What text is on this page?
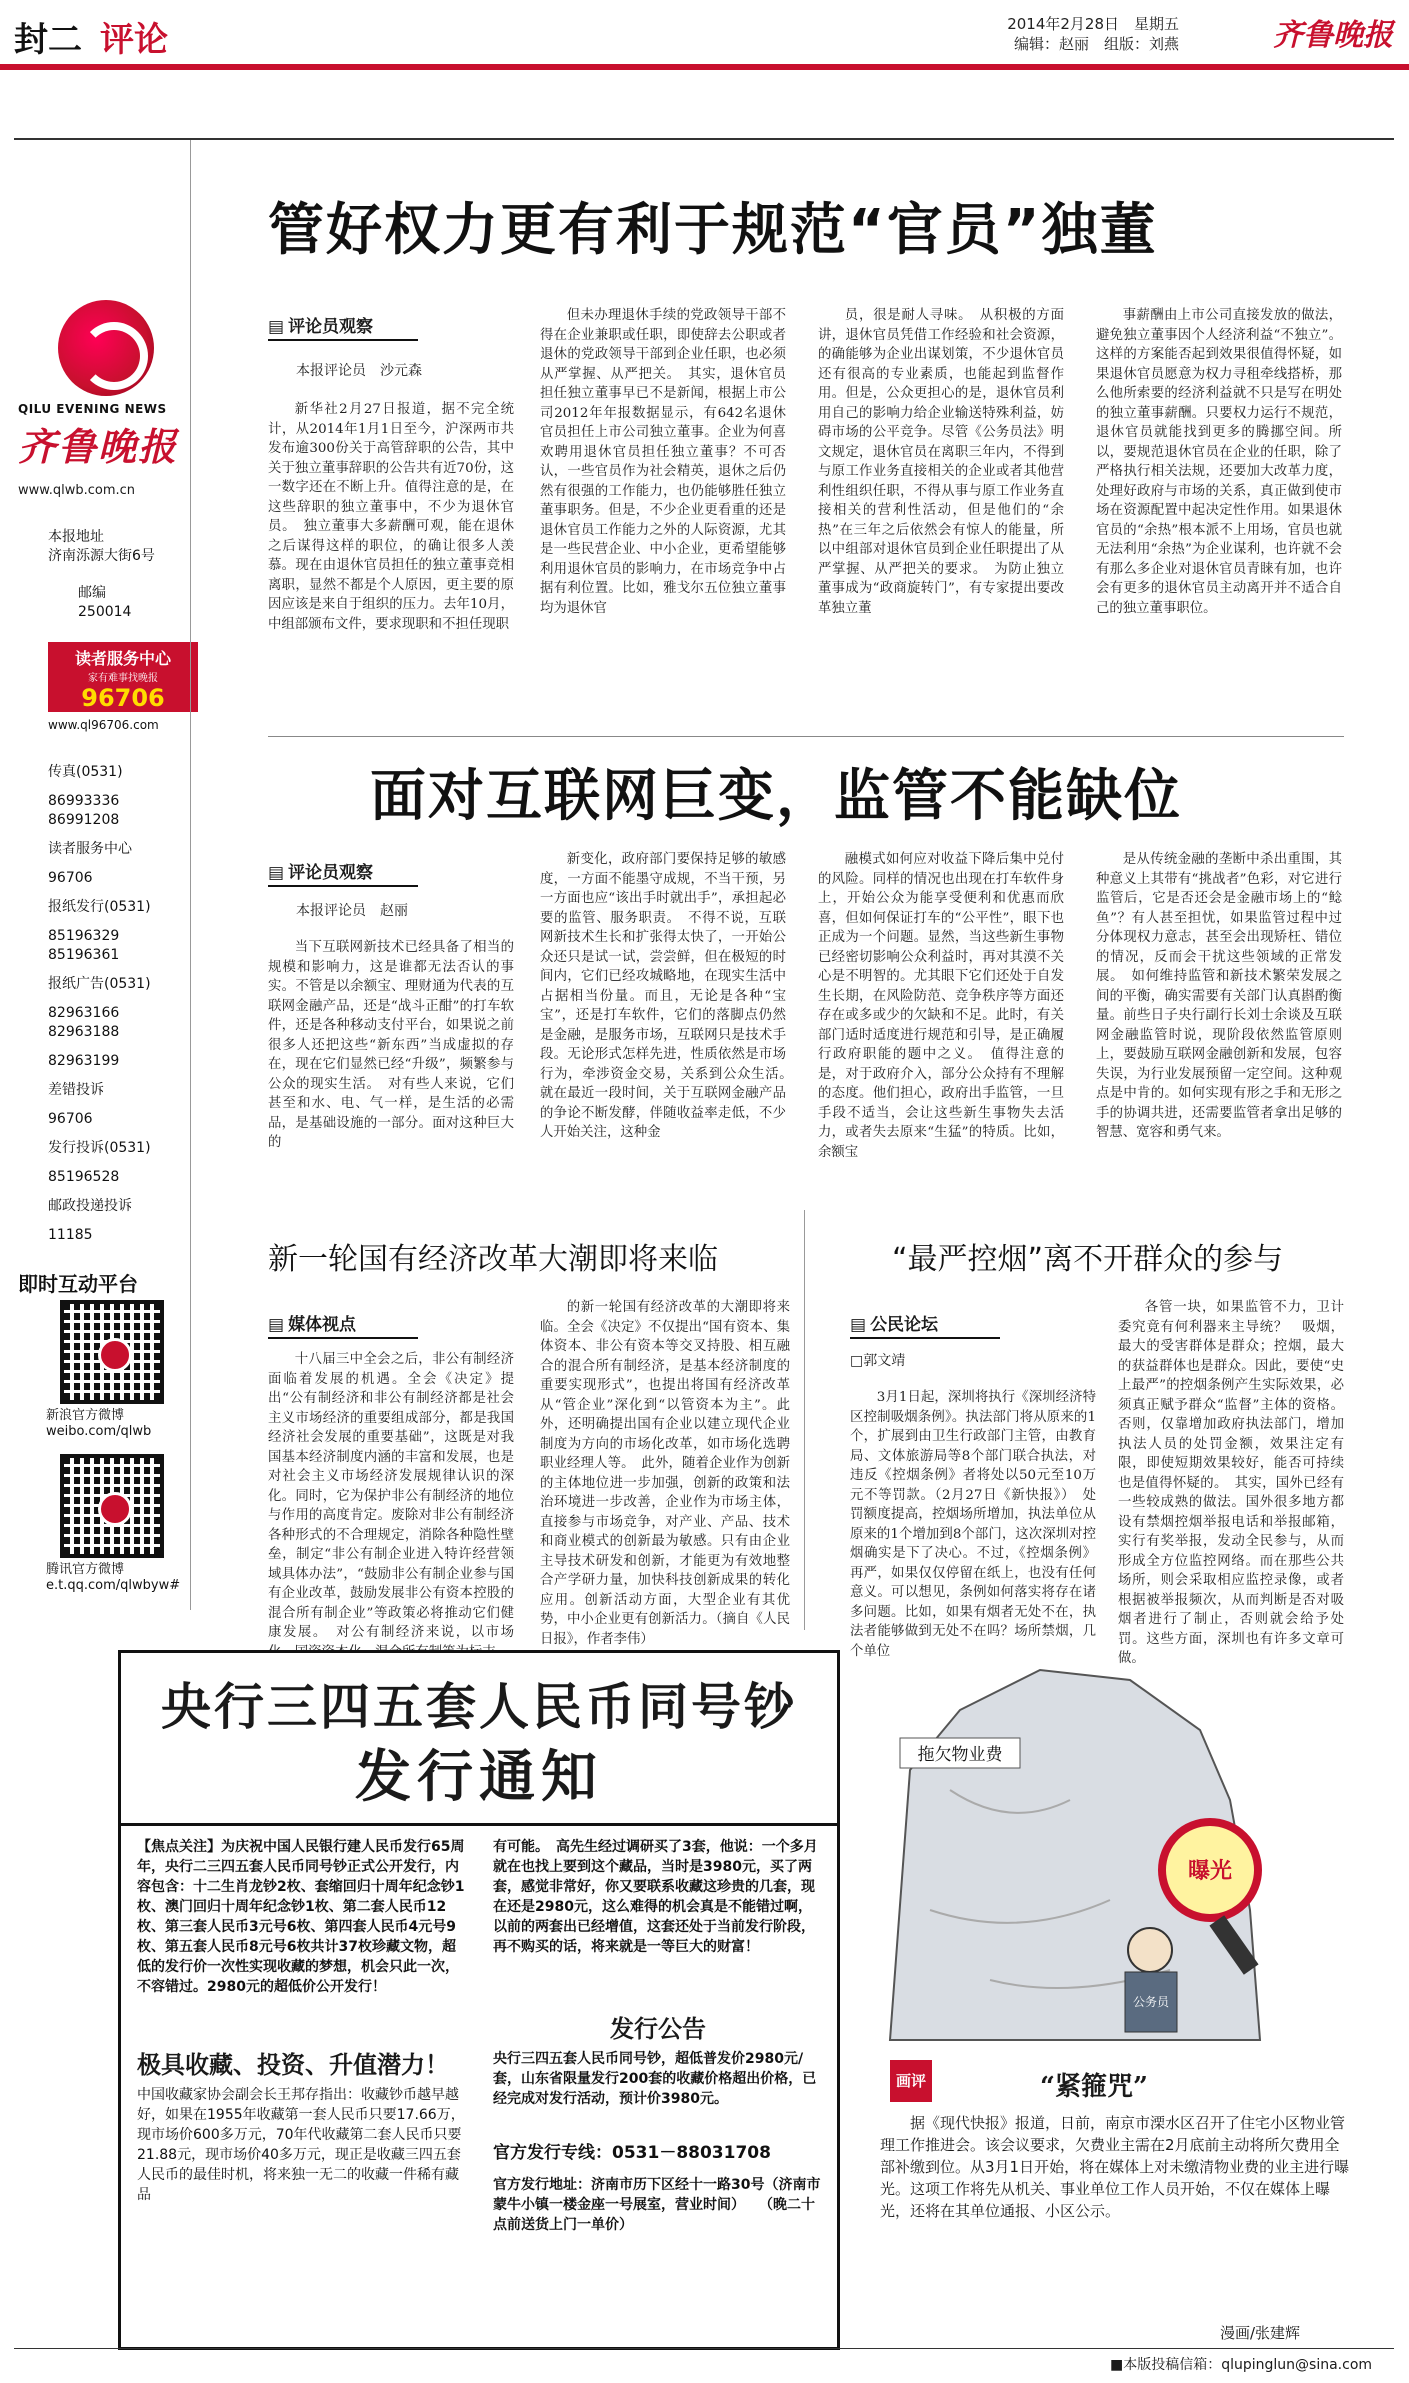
封二 评论	2014年2月28日　星期五
编辑：赵丽　组版：刘燕	齐鲁晚报
QILU EVENING NEWS
齐鲁晚报
www.qlwb.com.cn
本报地址
济南泺源大街6号
邮编
250014
读者服务中心
家有难事找晚报
96706
www.ql96706.com
传真(0531)
86993336 86991208
读者服务中心
96706
报纸发行(0531)
85196329 85196361
报纸广告(0531)
82963166 82963188
82963199
差错投诉
96706
发行投诉(0531)
85196528
邮政投递投诉
11185
即时互动平台
新浪官方微博
weibo.com/qlwb
腾讯官方微博
e.t.qq.com/qlwbyw#
管好权力更有利于规范“官员”独董
▤ 评论员观察
本报评论员　沙元森
新华社2月27日报道，据不完全统计，从2014年1月1日至今，沪深两市共发布逾300份关于高管辞职的公告，其中关于独立董事辞职的公告共有近70份，这一数字还在不断上升。值得注意的是，在这些辞职的独立董事中，不少为退休官员。　独立董事大多薪酬可观，能在退休之后谋得这样的职位，的确让很多人羡慕。现在由退休官员担任的独立董事竞相离职，显然不都是个人原因，更主要的原因应该是来自于组织的压力。去年10月，中组部颁布文件，要求现职和不担任现职
但未办理退休手续的党政领导干部不得在企业兼职或任职，即使辞去公职或者退休的党政领导干部到企业任职，也必须从严掌握、从严把关。　其实，退休官员担任独立董事早已不是新闻，根据上市公司2012年年报数据显示，有642名退休官员担任上市公司独立董事。企业为何喜欢聘用退休官员担任独立董事？不可否认，一些官员作为社会精英，退休之后仍然有很强的工作能力，也仍能够胜任独立董事职务。但是，不少企业更看重的还是退休官员工作能力之外的人际资源，尤其是一些民营企业、中小企业，更希望能够利用退休官员的影响力，在市场竞争中占据有利位置。比如，雅戈尔五位独立董事均为退休官
员，很是耐人寻味。　从积极的方面讲，退休官员凭借工作经验和社会资源，的确能够为企业出谋划策，不少退休官员还有很高的专业素质，也能起到监督作用。但是，公众更担心的是，退休官员利用自己的影响力给企业输送特殊利益，妨碍市场的公平竞争。尽管《公务员法》明文规定，退休官员在离职三年内，不得到与原工作业务直接相关的企业或者其他营利性组织任职，不得从事与原工作业务直接相关的营利性活动，但是他们的“余热”在三年之后依然会有惊人的能量，所以中组部对退休官员到企业任职提出了从严掌握、从严把关的要求。　为防止独立董事成为“政商旋转门”，有专家提出要改革独立董
事薪酬由上市公司直接发放的做法，避免独立董事因个人经济利益“不独立”。这样的方案能否起到效果很值得怀疑，如果退休官员愿意为权力寻租牵线搭桥，那么他所索要的经济利益就不只是写在明处的独立董事薪酬。只要权力运行不规范，退休官员就能找到更多的腾挪空间。所以，要规范退休官员在企业的任职，除了严格执行相关法规，还要加大改革力度，处理好政府与市场的关系，真正做到使市场在资源配置中起决定性作用。如果退休官员的“余热”根本派不上用场，官员也就无法利用“余热”为企业谋利，也许就不会有那么多企业对退休官员青睐有加，也许会有更多的退休官员主动离开并不适合自己的独立董事职位。
面对互联网巨变，监管不能缺位
▤ 评论员观察
本报评论员　赵丽
当下互联网新技术已经具备了相当的规模和影响力，这是谁都无法否认的事实。不管是以余额宝、理财通为代表的互联网金融产品，还是“战斗正酣”的打车软件，还是各种移动支付平台，如果说之前很多人还把这些“新东西”当成虚拟的存在，现在它们显然已经“升级”，频繁参与公众的现实生活。　对有些人来说，它们甚至和水、电、气一样，是生活的必需品，是基础设施的一部分。面对这种巨大的
新变化，政府部门要保持足够的敏感度，一方面不能墨守成规，不当干预，另一方面也应“该出手时就出手”，承担起必要的监管、服务职责。　不得不说，互联网新技术生长和扩张得太快了，一开始公众还只是试一试，尝尝鲜，但在极短的时间内，它们已经攻城略地，在现实生活中占据相当份量。而且，无论是各种“宝宝”，还是打车软件，它们的落脚点仍然是金融，是服务市场，互联网只是技术手段。无论形式怎样先进，性质依然是市场行为，牵涉资金交易，关系到公众生活。　就在最近一段时间，关于互联网金融产品的争论不断发酵，伴随收益率走低，不少人开始关注，这种金
融模式如何应对收益下降后集中兑付的风险。同样的情况也出现在打车软件身上，开始公众为能享受便利和优惠而欣喜，但如何保证打车的“公平性”，眼下也正成为一个问题。显然，当这些新生事物已经密切影响公众利益时，再对其漠不关心是不明智的。尤其眼下它们还处于自发生长期，在风险防范、竞争秩序等方面还存在或多或少的欠缺和不足。此时，有关部门适时适度进行规范和引导，是正确履行政府职能的题中之义。　值得注意的是，对于政府介入，部分公众持有不理解的态度。他们担心，政府出手监管，一旦手段不适当，会让这些新生事物失去活力，或者失去原来“生猛”的特质。比如，余额宝
是从传统金融的垄断中杀出重围，其种意义上其带有“挑战者”色彩，对它进行监管后，它是否还会是金融市场上的“鲶鱼”？有人甚至担忧，如果监管过程中过分体现权力意志，甚至会出现矫枉、错位的情况，反而会干扰这些领域的正常发展。　如何维持监管和新技术繁荣发展之间的平衡，确实需要有关部门认真斟酌衡量。前些日子央行副行长刘士余谈及互联网金融监管时说，现阶段依然监管原则上，要鼓励互联网金融创新和发展，包容失误，为行业发展预留一定空间。这种观点是中肯的。如何实现有形之手和无形之手的协调共进，还需要监管者拿出足够的智慧、宽容和勇气来。
新一轮国有经济改革大潮即将来临
▤ 媒体视点
十八届三中全会之后，非公有制经济面临着发展的机遇。全会《决定》提出“公有制经济和非公有制经济都是社会主义市场经济的重要组成部分，都是我国经济社会发展的重要基础”，这既是对我国基本经济制度内涵的丰富和发展，也是对社会主义市场经济发展规律认识的深化。同时，它为保护非公有制经济的地位与作用的高度肯定。废除对非公有制经济各种形式的不合理规定，消除各种隐性壁垒，制定“非公有制企业进入特许经营领域具体办法”，“鼓励非公有制企业参与国有企业改革，鼓励发展非公有资本控股的混合所有制企业”等政策必将推动它们健康发展。　对公有制经济来说，以市场
的新一轮国有经济改革的大潮即将来临。全会《决定》不仅提出“国有资本、集体资本、非公有资本等交叉持股、相互融合的混合所有制经济，是基本经济制度的重要实现形式”，也提出将国有经济改革从“管企业”深化到“以管资本为主”。此外，还明确提出国有企业以建立现代企业制度为方向的市场化改革，如市场化选聘职业经理人等。　此外，随着企业作为创新的主体地位进一步加强，创新的政策和法治环境进一步改善，企业作为市场主体，直接参与市场竞争，对产业、产品、技术和商业模式的创新最为敏感。只有由企业主导技术研发和创新，才能更为有效地整合产学研力量，加快科技创新成果的转化应用。创新活动方面，大型企业有其优势，中小企业更有创新活力。（摘自《人民日报》，作者李伟）
“最严控烟”离不开群众的参与
▤ 公民论坛
□郭文靖
3月1日起，深圳将执行《深圳经济特区控制吸烟条例》。执法部门将从原来的1个，扩展到由卫生行政部门主管，由教育局、文体旅游局等8个部门联合执法，对违反《控烟条例》者将处以50元至10万元不等罚款。（2月27日《新快报》）　处罚额度提高，控烟场所增加，执法单位从原来的1个增加到8个部门，这次深圳对控烟确实是下了决心。不过，《控烟条例》再严，如果仅仅停留在纸上，也没有任何意义。可以想见，条例如何落实将存在诸多问题。比如，如果有烟者无处不在，执法者能够做到无处不在吗？场所禁烟，几个单位
各管一块，如果监管不力，卫计委究竟有何利器来主导统？　吸烟，最大的受害群体是群众；控烟，最大的获益群体也是群众。因此，要使“史上最严”的控烟条例产生实际效果，必须真正赋予群众“监督”主体的资格。否则，仅靠增加政府执法部门，增加执法人员的处罚金额，效果注定有限，即使短期效果较好，能否可持续也是值得怀疑的。　其实，国外已经有一些较成熟的做法。国外很多地方都设有禁烟控烟举报电话和举报邮箱，实行有奖举报，发动全民参与，从而形成全方位监控网络。而在那些公共场所，则会采取相应监控录像，或者根据被举报频次，从而判断是否对吸烟者进行了制止，否则就会给予处罚。这些方面，深圳也有许多文章可做。
央行三四五套人民币同号钞
发行通知
【焦点关注】为庆祝中国人民银行建人民币发行65周年，央行二三四五套人民币同号钞正式公开发行，内容包含：十二生肖龙钞2枚、套缩回归十周年纪念钞1枚、澳门回归十周年纪念钞1枚、第二套人民币12枚、第三套人民币3元号6枚、第四套人民币4元号9枚、第五套人民币8元号6枚共计37枚珍藏文物，超低的发行价一次性实现收藏的梦想，机会只此一次，不容错过。2980元的超低价公开发行！
极具收藏、投资、升值潜力！
中国收藏家协会副会长王邦存指出：收藏钞币越早越好，如果在1955年收藏第一套人民币只要17.66万，现市场价600多万元，70年代收藏第二套人民币只要21.88元，现市场价40多万元，现正是收藏三四五套人民币的最佳时机，将来独一无二的收藏一件稀有藏品
有可能。　高先生经过调研买了3套，他说：一个多月就在也找上要到这个藏品，当时是3980元，买了两套，感觉非常好，你又要联系收藏这珍贵的几套，现在还是2980元，这么难得的机会真是不能错过啊，以前的两套出已经增值，这套还处于当前发行阶段，再不购买的话，将来就是一等巨大的财富！
发行公告
央行三四五套人民币同号钞，超低普发价2980元/套，山东省限量发行200套的收藏价格超出价格，已经完成对发行活动，预计价3980元。
官方发行专线：0531－88031708
官方发行地址：济南市历下区经十一路30号（济南市蒙牛小镇一楼金座一号展室，营业时间）　　（晚二十点前送货上门一单价）
拖欠物业费
曝光
公务员
画评	“紧箍咒”
据《现代快报》报道，日前，南京市溧水区召开了住宅小区物业管理工作推进会。该会议要求，欠费业主需在2月底前主动将所欠费用全部补缴到位。从3月1日开始，将在媒体上对未缴清物业费的业主进行曝光。这项工作将先从机关、事业单位工作人员开始，不仅在媒体上曝光，还将在其单位通报、小区公示。
漫画/张建辉
■本版投稿信箱：qlupinglun@sina.com
